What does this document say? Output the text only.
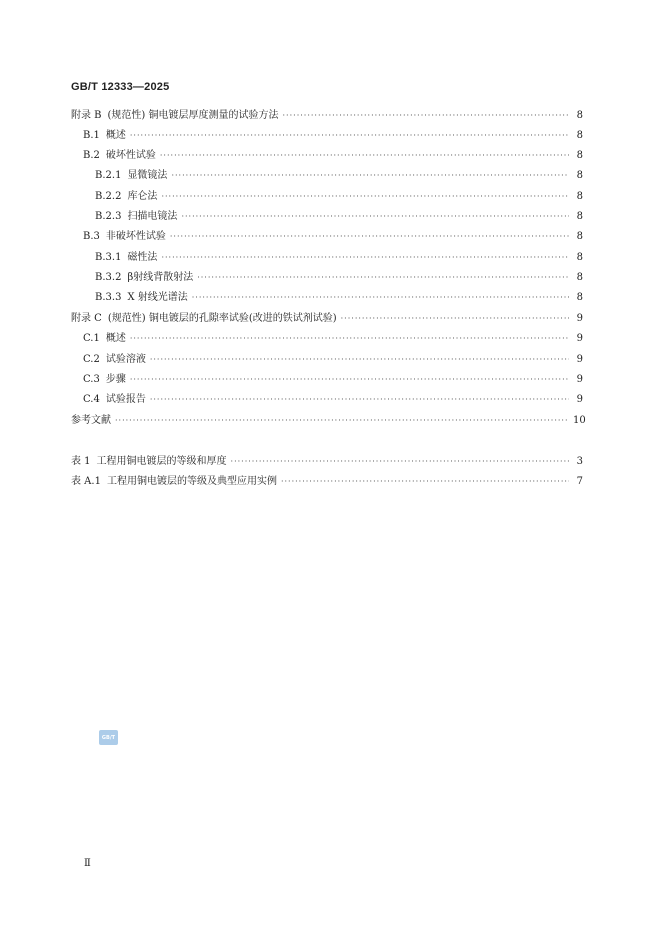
GB/T 12333—2025
附录 B (规范性) 铜电镀层厚度测量的试验方法 ·····	8
B.1 概述 ·····	8
B.2 破坏性试验 ·····	8
B.2.1 显微镜法 ·····	8
B.2.2 库仑法 ·····	8
B.2.3 扫描电镜法 ·····	8
B.3 非破坏性试验 ·····	8
B.3.1 磁性法 ·····	8
B.3.2 β射线背散射法 ·····	8
B.3.3 X 射线光谱法 ·····	8
附录 C (规范性) 铜电镀层的孔隙率试验(改进的铁试剂试验) ·····	9
C.1 概述 ·····	9
C.2 试验溶液 ·····	9
C.3 步骤 ·····	9
C.4 试验报告 ·····	9
参考文献 ·····	10
表 1 工程用铜电镀层的等级和厚度 ·····	3
表 A.1 工程用铜电镀层的等级及典型应用实例 ·····	7
GB/T
Ⅱ
